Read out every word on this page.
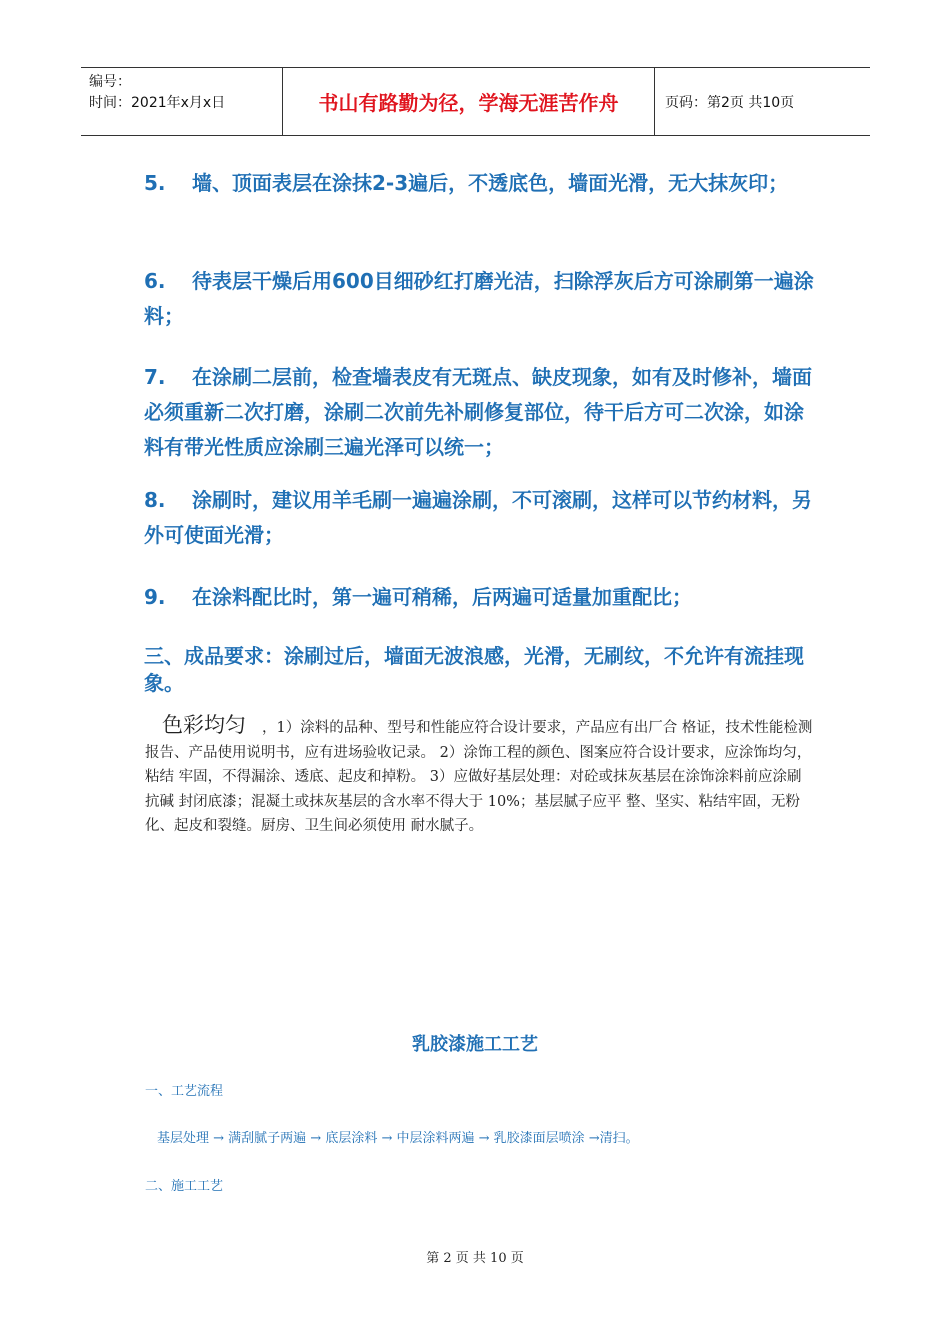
编号：
时间：2021年x月x日	书山有路勤为径，学海无涯苦作舟	页码：第2页 共10页
5. 墙、顶面表层在涂抹2-3遍后，不透底色，墙面光滑，无大抹灰印；
6. 待表层干燥后用600目细砂红打磨光洁，扫除浮灰后方可涂刷第一遍涂料；
7. 在涂刷二层前，检查墙表皮有无斑点、缺皮现象，如有及时修补，墙面必须重新二次打磨，涂刷二次前先补刷修复部位，待干后方可二次涂，如涂料有带光性质应涂刷三遍光泽可以统一；
8. 涂刷时，建议用羊毛刷一遍遍涂刷，不可滚刷，这样可以节约材料，另外可使面光滑；
9. 在涂料配比时，第一遍可稍稀，后两遍可适量加重配比；
三、成品要求：涂刷过后，墙面无波浪感，光滑，无刷纹，不允许有流挂现象。
色彩均匀 ，1）涂料的品种、型号和性能应符合设计要求，产品应有出厂合 格证，技术性能检测报告、产品使用说明书，应有进场验收记录。 2）涂饰工程的颜色、图案应符合设计要求，应涂饰均匀，粘结 牢固，不得漏涂、透底、起皮和掉粉。 3）应做好基层处理：对砼或抹灰基层在涂饰涂料前应涂刷抗碱 封闭底漆；混凝土或抹灰基层的含水率不得大于 10%；基层腻子应平 整、坚实、粘结牢固，无粉化、起皮和裂缝。厨房、卫生间必须使用 耐水腻子。
乳胶漆施工工艺
一、工艺流程
基层处理 → 满刮腻子两遍 → 底层涂料 → 中层涂料两遍 → 乳胶漆面层喷涂 →清扫。
二、施工工艺
第 2 页 共 10 页
